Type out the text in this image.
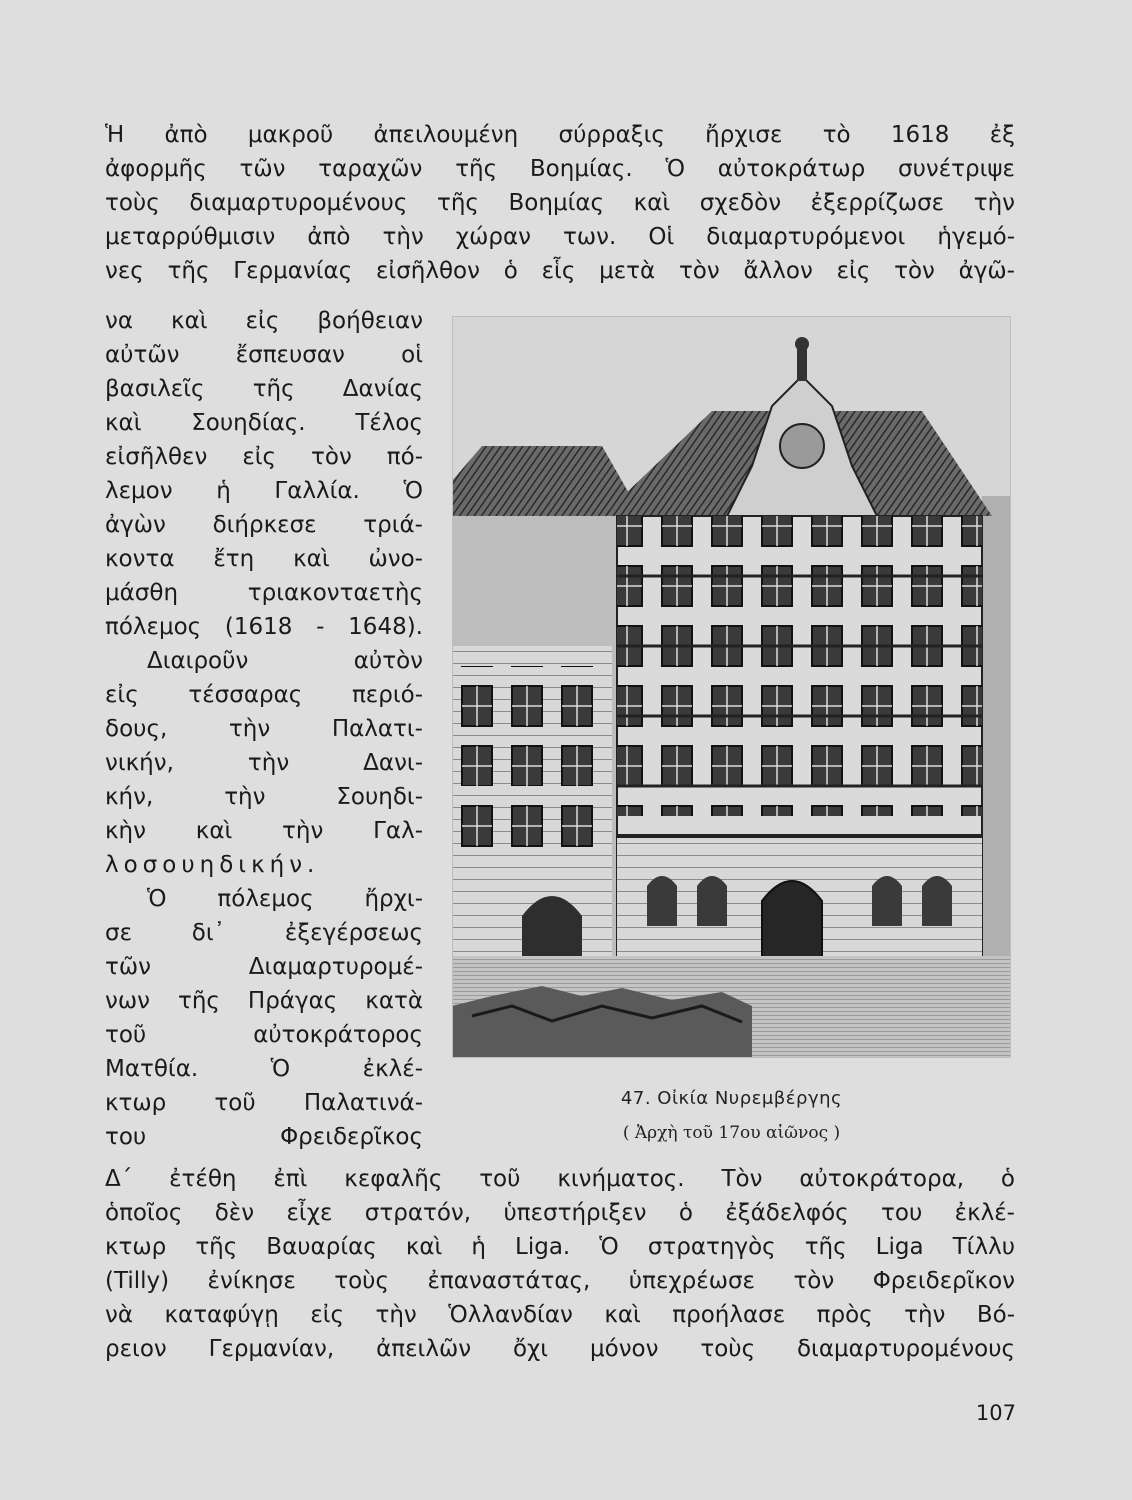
Ἡ ἀπὸ μακροῦ ἀπειλουμένη σύρραξις ἤρχισε τὸ 1618 ἐξ

ἀφορμῆς τῶν ταραχῶν τῆς Βοημίας. Ὁ αὐτοκράτωρ συνέτριψε

τοὺς διαμαρτυρομένους τῆς Βοημίας καὶ σχεδὸν ἐξερρίζωσε τὴν

μεταρρύθμισιν ἀπὸ τὴν χώραν των. Οἱ διαμαρτυρόμενοι ἡγεμό-

νες τῆς Γερμανίας εἰσῆλθον ὁ εἷς μετὰ τὸν ἄλλον εἰς τὸν ἀγῶ-

να καὶ εἰς βοήθειαν

αὐτῶν ἔσπευσαν οἱ

βασιλεῖς τῆς Δανίας

καὶ Σουηδίας. Τέλος

εἰσῆλθεν εἰς τὸν πό-

λεμον ἡ Γαλλία. Ὁ

ἀγὼν διήρκεσε τριά-

κοντα ἔτη καὶ ὠνο-

μάσθη τριακονταετὴς

πόλεμος (1618 - 1648).

Διαιροῦν αὐτὸν

εἰς τέσσαρας περιό-

δους, τὴν Παλατι-

νικήν, τὴν Δανι-

κήν, τὴν Σουηδι-

κὴν καὶ τὴν Γαλ-

λοσουηδικήν.

Ὁ πόλεμος ἤρχι-

σε δι᾽ ἐξεγέρσεως

τῶν Διαμαρτυρομέ-

νων τῆς Πράγας κατὰ

τοῦ αὐτοκράτορος

Ματθία. Ὁ ἐκλέ-

κτωρ τοῦ Παλατινά-

του Φρειδερῖκος

47. Οἰκία Νυρεμβέργης
( Ἀρχὴ τοῦ 17ου αἰῶνος )

Δ´ ἐτέθη ἐπὶ κεφαλῆς τοῦ κινήματος. Τὸν αὐτοκράτορα, ὁ

ὁποῖος δὲν εἶχε στρατόν, ὑπεστήριξεν ὁ ἐξάδελφός του ἐκλέ-

κτωρ τῆς Βαυαρίας καὶ ἡ Liga. Ὁ στρατηγὸς τῆς Liga Τίλλυ

(Tilly) ἐνίκησε τοὺς ἐπαναστάτας, ὑπεχρέωσε τὸν Φρειδερῖκον

νὰ καταφύγῃ εἰς τὴν Ὁλλανδίαν καὶ προήλασε πρὸς τὴν Βό-

ρειον Γερμανίαν, ἀπειλῶν ὄχι μόνον τοὺς διαμαρτυρομένους

107
